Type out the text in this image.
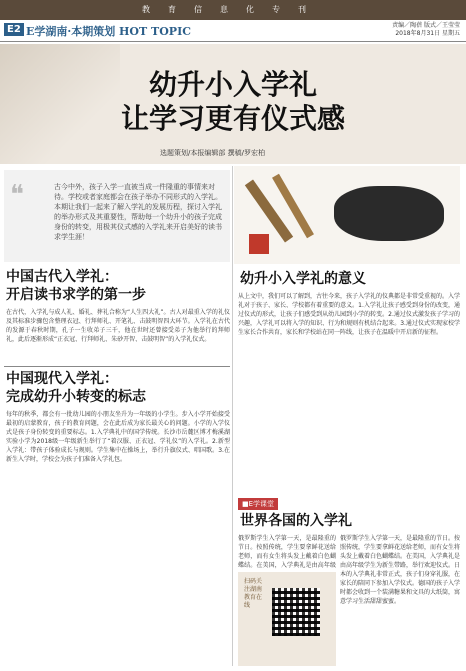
教育信息化专刊
E2 E学湖南·本期策划 HOT TOPIC	责编／陶蓓 版式／王莹莹
2018年8月31日 星期五
幼升小入学礼
让学习更有仪式感
选题策划/本报编辑部 撰稿/罗宏柏
❝	古今中外，孩子入学一直被当成一件隆重的事情来对待。学校或者家庭都会在孩子举办不同形式的入学礼。本期让我们一起来了解入学礼的发展历程，探讨入学礼的举办形式及其重要性，帮助每一个幼升小的孩子完成身份的转变，用极其仪式感的入学礼来开启美好的读书求学生涯！

中国古代入学礼：
开启读书求学的第一步
在古代，入学礼与成人礼、婚礼、葬礼合称为“人生四大礼”。古人对最重入学的礼仪及其标准步骤包含整理衣冠、行拜师礼、开笔礼、击鼓明智四大环节。入学礼在古代的发源于春秋时期，孔子一生收弟子三千，他在世时还曾接受弟子为他举行的拜师礼，此后逐渐形成“正衣冠、行拜师礼、朱砂开智、击鼓明智”的入学礼仪式。
中国现代入学礼：
完成幼升小转变的标志
每年的秋季，都会有一批幼儿园的小朋友坐升为一年级的小学生。步入小学开始接受最初的启蒙教育，孩子的教育问题，会在此后成为家长最关心的问题。小学的入学仪式是孩子身份转变的重要标志。1.入学典礼中的国学传统。长沙市岳麓区博才梅溪湖实验小学为2018级一年级新生举行了“着汉服、正衣冠、学礼仪”的入学礼。2.新型入学礼：带孩子体验成长与规则。学生集中在操场上，举行升旗仪式、唱国歌。3.在新生入学时，学校会为孩子们准备入学礼包。
幼升小入学礼的意义
从上文中，我们可以了解到，古往今来，孩子入学礼的仪典都是非常受重视的。入学礼对于孩子、家长、学校都有着重要的意义。1.入学礼让孩子感受到身份的改变，通过仪式的形式，让孩子们感受到从幼儿园到小学的转变。2.通过仪式激发孩子学习的兴趣，入学礼可以将入学的知识、行为和规则有机结合起来。3.通过仪式实现家校学生家长合作共育，家长和学校站在同一阵线，让孩子在温暖中开启新的征程。
■E学课堂
世界各国的入学礼
俄罗斯学生入学第一天，是最隆重的节日。按照传统，学生要拿鲜花送给老师，而有女生将头发上戴着白色蝴蝶结。在美国，入学典礼是由高年级学生为新生带路，举行欢迎仪式。日本的入学典礼非常正式，孩子们身穿礼服，在家长的陪同下参加入学仪式。德国的孩子入学时都会收到一个装满糖果和文具的大纸筒，寓意学习生活甜甜蜜蜜。
俄罗斯学生入学第一天，是最隆重的节日。按照传统，学生要拿鲜花送给老师，而有女生将头发上戴着白色蝴蝶结。在美国，入学典礼是由高年级
扫码关注湖南教育在线
